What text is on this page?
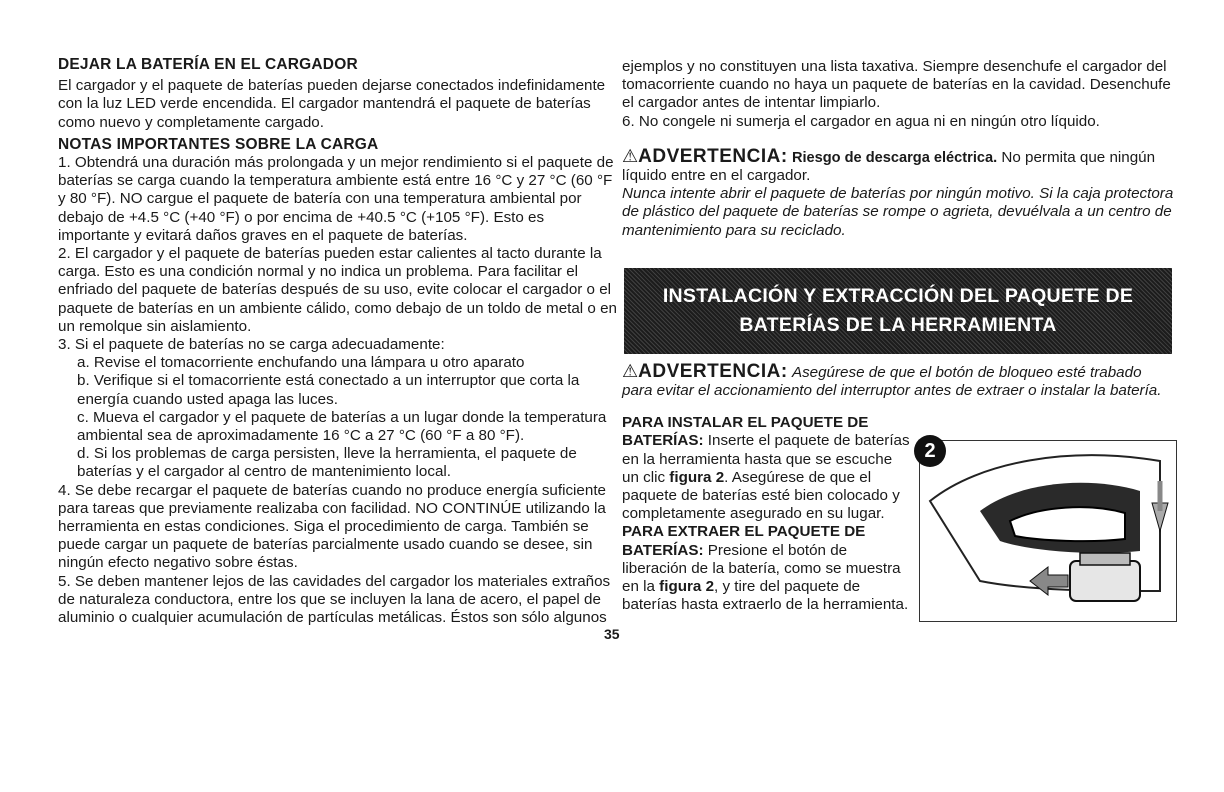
DEJAR LA BATERÍA EN EL CARGADOR

El cargador y el paquete de baterías pueden dejarse conectados indefinidamente con la luz LED verde encendida. El cargador mantendrá el paquete de baterías como nuevo y completamente cargado.

NOTAS IMPORTANTES SOBRE LA CARGA

1. Obtendrá una duración más prolongada y un mejor rendimiento si el paquete de baterías se carga cuando la temperatura ambiente está entre 16 °C y 27 °C (60 °F y 80 °F). NO cargue el paquete de batería con una temperatura ambiental por debajo de +4.5 °C (+40 °F) o por encima de +40.5 °C (+105 °F). Esto es importante y evitará daños graves en el paquete de baterías.

2. El cargador y el paquete de baterías pueden estar calientes al tacto durante la carga. Esto es una condición normal y no indica un problema. Para facilitar el enfriado del paquete de baterías después de su uso, evite colocar el cargador o el paquete de baterías en un ambiente cálido, como debajo de un toldo de metal o en un remolque sin aislamiento.

3. Si el paquete de baterías no se carga adecuadamente:

a. Revise el tomacorriente enchufando una lámpara u otro aparato

b. Verifique si el tomacorriente está conectado a un interruptor que corta la energía cuando usted apaga las luces.

c. Mueva el cargador y el paquete de baterías a un lugar donde la temperatura ambiental sea de aproximadamente 16 °C a 27 °C (60 °F a 80 °F).

d. Si los problemas de carga persisten, lleve la herramienta, el paquete de baterías y el cargador al centro de mantenimiento local.

4. Se debe recargar el paquete de baterías cuando no produce energía suficiente para tareas que previamente realizaba con facilidad. NO CONTINÚE utilizando la herramienta en estas condiciones. Siga el procedimiento de carga. También se puede cargar un paquete de baterías parcialmente usado cuando se desee, sin ningún efecto negativo sobre éstas.

5. Se deben mantener lejos de las cavidades del cargador los materiales extraños de naturaleza conductora, entre los que se incluyen la lana de acero, el papel de aluminio o cualquier acumulación de partículas metálicas. Éstos son sólo algunos

ejemplos y no constituyen una lista taxativa. Siempre desenchufe el cargador del tomacorriente cuando no haya un paquete de baterías en la cavidad. Desenchufe el cargador antes de intentar limpiarlo.

6. No congele ni sumerja el cargador en agua ni en ningún otro líquido.

⚠ADVERTENCIA: Riesgo de descarga eléctrica. No permita que ningún líquido entre en el cargador.

Nunca intente abrir el paquete de baterías por ningún motivo. Si la caja protectora de plástico del paquete de baterías se rompe o agrieta, devuélvala a un centro de mantenimiento para su reciclado.

INSTALACIÓN Y EXTRACCIÓN DEL PAQUETE DE
BATERÍAS DE LA HERRAMIENTA

⚠ADVERTENCIA: Asegúrese de que el botón de bloqueo esté trabado para evitar el accionamiento del interruptor antes de extraer o instalar la batería.

PARA INSTALAR EL PAQUETE DE BATERÍAS: Inserte el paquete de baterías en la herramienta hasta que se escuche un clic figura 2. Asegúrese de que el paquete de baterías esté bien colocado y completamente asegurado en su lugar.

PARA EXTRAER EL PAQUETE DE BATERÍAS: Presione el botón de liberación de la batería, como se muestra en la figura 2, y tire del paquete de baterías hasta extraerlo de la herramienta.

2
35
